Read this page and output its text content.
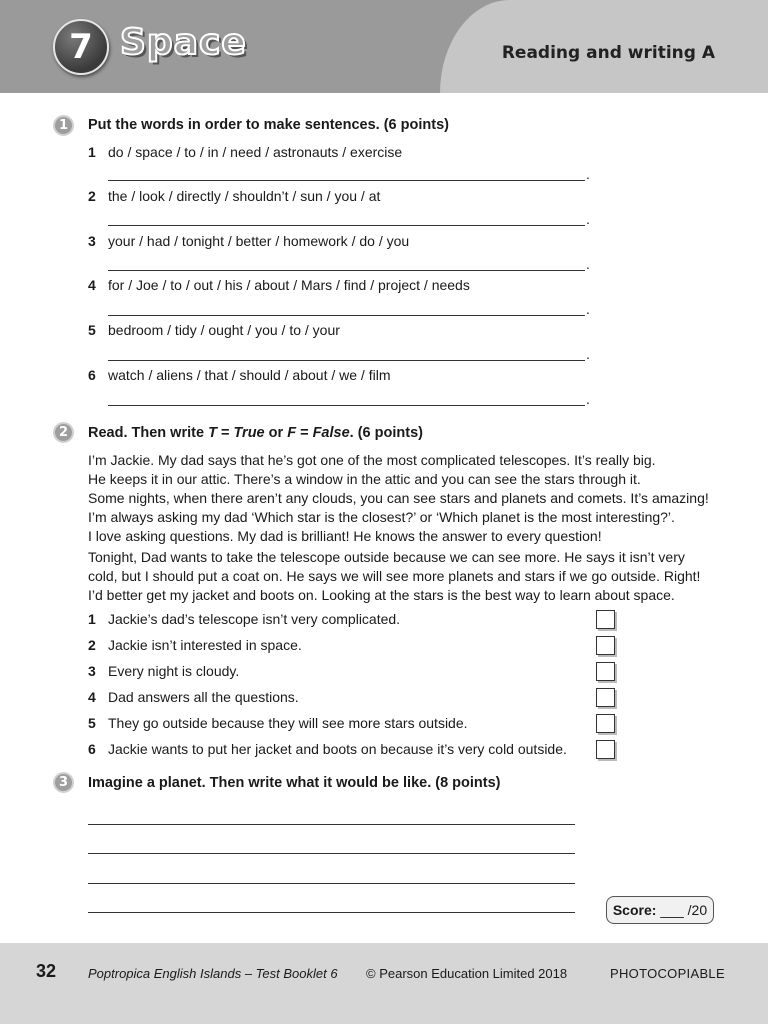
7 Space	Reading and writing A
1	Put the words in order to make sentences. (6 points)
1 do / space / to / in / need / astronauts / exercise
.
2 the / look / directly / shouldn’t / sun / you / at
.
3 your / had / tonight / better / homework / do / you
.
4 for / Joe / to / out / his / about / Mars / find / project / needs
.
5 bedroom / tidy / ought / you / to / your
.
6 watch / aliens / that / should / about / we / film
.
2	Read. Then write T = True or F = False. (6 points)
I’m Jackie. My dad says that he’s got one of the most complicated telescopes. It’s really big.
He keeps it in our attic. There’s a window in the attic and you can see the stars through it.
Some nights, when there aren’t any clouds, you can see stars and planets and comets. It’s amazing!
I’m always asking my dad ‘Which star is the closest?’ or ‘Which planet is the most interesting?’.
I love asking questions. My dad is brilliant! He knows the answer to every question!
Tonight, Dad wants to take the telescope outside because we can see more. He says it isn’t very
cold, but I should put a coat on. He says we will see more planets and stars if we go outside. Right!
I’d better get my jacket and boots on. Looking at the stars is the best way to learn about space.
1 Jackie’s dad’s telescope isn’t very complicated.
2 Jackie isn’t interested in space.
3 Every night is cloudy.
4 Dad answers all the questions.
5 They go outside because they will see more stars outside.
6 Jackie wants to put her jacket and boots on because it’s very cold outside.
3	Imagine a planet. Then write what it would be like. (8 points)
Score: ___ /20
32 Poptropica English Islands – Test Booklet 6 © Pearson Education Limited 2018	PHOTOCOPIABLE
